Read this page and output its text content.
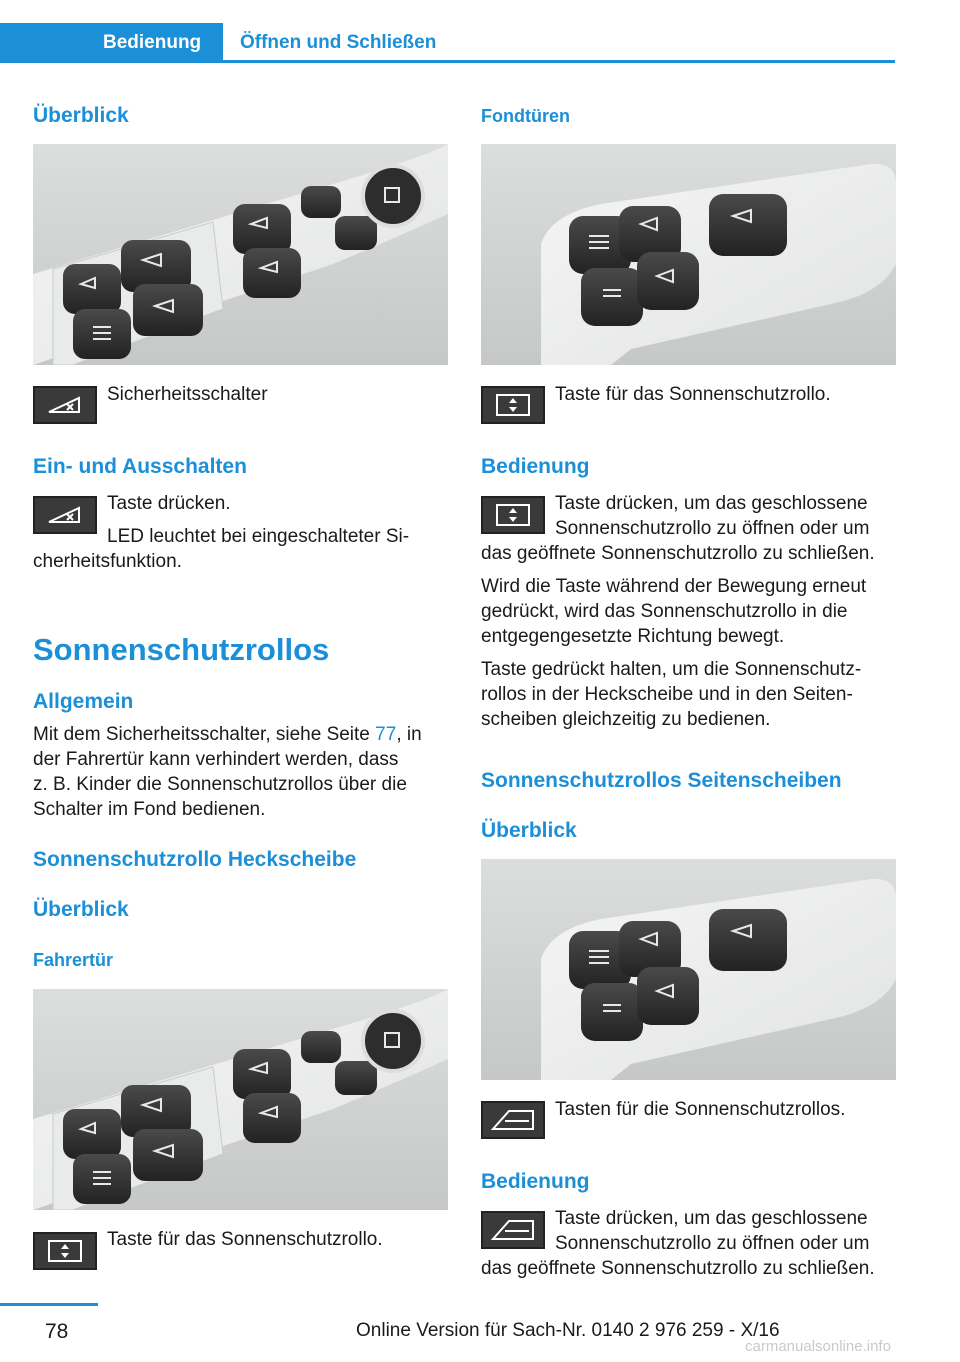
Bedienung Öffnen und Schließen
Überblick
Sicherheitsschalter
Ein- und Ausschalten
Taste drücken.
LED leuchtet bei eingeschalteter Si-
cherheitsfunktion.
Sonnenschutzrollos
Allgemein
Mit dem Sicherheitsschalter, siehe Seite 77, in
der Fahrertür kann verhindert werden, dass
z. B. Kinder die Sonnenschutzrollos über die
Schalter im Fond bedienen.
Sonnenschutzrollo Heckscheibe
Überblick
Fahrertür
Taste für das Sonnenschutzrollo.
Fondtüren
Taste für das Sonnenschutzrollo.
Bedienung
Taste drücken, um das geschlossene
Sonnenschutzrollo zu öffnen oder um
das geöffnete Sonnenschutzrollo zu schließen.
Wird die Taste während der Bewegung erneut
gedrückt, wird das Sonnenschutzrollo in die
entgegengesetzte Richtung bewegt.
Taste gedrückt halten, um die Sonnenschutz-
rollos in der Heckscheibe und in den Seiten-
scheiben gleichzeitig zu bedienen.
Sonnenschutzrollos Seitenscheiben
Überblick
Tasten für die Sonnenschutzrollos.
Bedienung
Taste drücken, um das geschlossene
Sonnenschutzrollo zu öffnen oder um
das geöffnete Sonnenschutzrollo zu schließen.
78	Online Version für Sach-Nr. 0140 2 976 259 - X/16
carmanualsonline.info
